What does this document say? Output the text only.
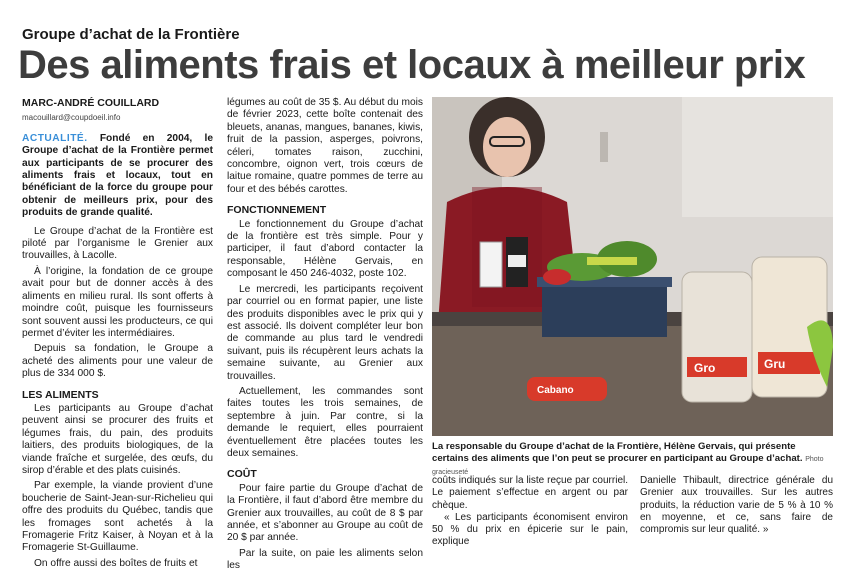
Groupe d’achat de la Frontière
Des aliments frais et locaux à meilleur prix
MARC-ANDRÉ COUILLARD
macouillard@coupdoeil.info
ACTUALITÉ. Fondé en 2004, le Groupe d’achat de la Frontière permet aux participants de se procurer des aliments frais et locaux, tout en bénéficiant de la force du groupe pour obtenir de meilleurs prix, pour des produits de grande qualité.

Le Groupe d’achat de la Frontière est piloté par l’organisme le Grenier aux trouvailles, à Lacolle.

À l’origine, la fondation de ce groupe avait pour but de donner accès à des aliments en milieu rural. Ils sont offerts à moindre coût, puisque les fournisseurs sont souvent aussi les producteurs, ce qui permet d’éviter les intermédiaires.

Depuis sa fondation, le Groupe a acheté des aliments pour une valeur de plus de 334 000 $.

LES ALIMENTS

Les participants au Groupe d’achat peuvent ainsi se procurer des fruits et légumes frais, du pain, des produits laitiers, des produits biologiques, de la viande fraîche et surgelée, des œufs, du sirop d’érable et des plats cuisinés.

Par exemple, la viande provient d’une boucherie de Saint-Jean-sur-Richelieu qui offre des produits du Québec, tandis que les fromages sont achetés à la Fromagerie Fritz Kaiser, à Noyan et à la Fromagerie St-Guillaume.

On offre aussi des boîtes de fruits et

légumes au coût de 35 $. Au début du mois de février 2023, cette boîte contenait des bleuets, ananas, mangues, bananes, kiwis, fruit de la passion, asperges, poivrons, céleri, tomates raison, zucchini, concombre, oignon vert, trois cœurs de laitue romaine, quatre pommes de terre au four et des bébés carottes.

FONCTIONNEMENT

Le fonctionnement du Groupe d’achat de la frontière est très simple. Pour y participer, il faut d’abord contacter la responsable, Hélène Gervais, en composant le 450 246-4032, poste 102.

Le mercredi, les participants reçoivent par courriel ou en format papier, une liste des produits disponibles avec le prix qui y est associé. Ils doivent compléter leur bon de commande au plus tard le vendredi suivant, puis ils récupèrent leurs achats la semaine suivante, au Grenier aux trouvailles.

Actuellement, les commandes sont faites toutes les trois semaines, de septembre à juin. Par contre, si la demande le requiert, elles pourraient éventuellement être placées toutes les deux semaines.

COÛT

Pour faire partie du Groupe d’achat de la Frontière, il faut d’abord être membre du Grenier aux trouvailles, au coût de 8 $ par année, et s’abonner au Groupe au coût de 20 $ par année.

Par la suite, on paie les aliments selon les

Gro	Gru
Cabano
La responsable du Groupe d’achat de la Frontière, Hélène Gervais, qui présente certains des aliments que l’on peut se procurer en participant au Groupe d’achat. Photo gracieuseté

coûts indiqués sur la liste reçue par courriel. Le paiement s’effectue en argent ou par chèque.

« Les participants économisent environ 50 % du prix en épicerie sur le pain, explique

Danielle Thibault, directrice générale du Grenier aux trouvailles. Sur les autres produits, la réduction varie de 5 % à 10 % en moyenne, et ce, sans faire de compromis sur leur qualité. »
